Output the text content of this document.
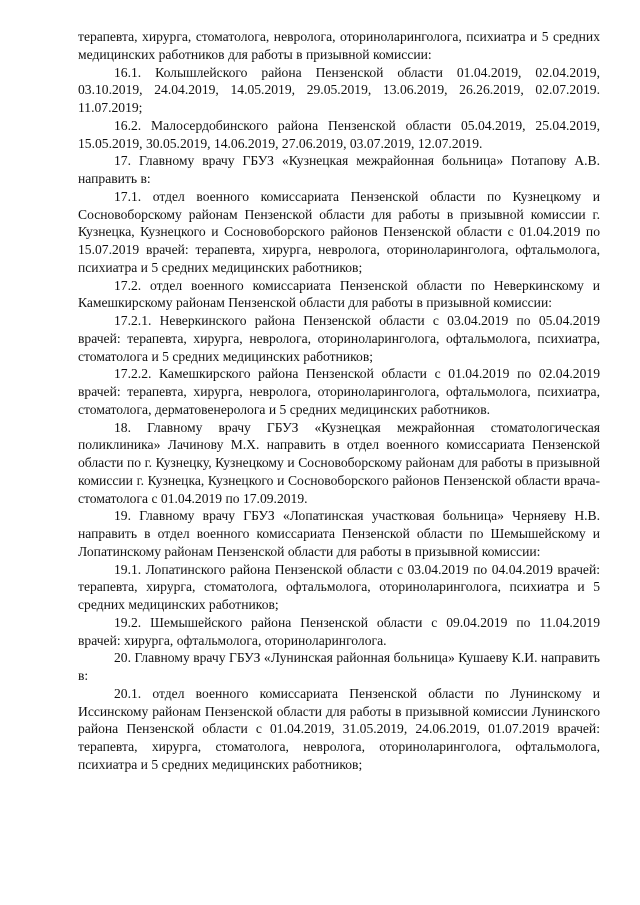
терапевта, хирурга, стоматолога, невролога, оториноларинголога, психиатра и 5 средних медицинских работников для работы в призывной комиссии:

16.1. Колышлейского района Пензенской области 01.04.2019, 02.04.2019, 03.10.2019, 24.04.2019, 14.05.2019, 29.05.2019, 13.06.2019, 26.26.2019, 02.07.2019. 11.07.2019;

16.2. Малосердобинского района Пензенской области 05.04.2019, 25.04.2019, 15.05.2019, 30.05.2019, 14.06.2019, 27.06.2019, 03.07.2019, 12.07.2019.

17. Главному врачу ГБУЗ «Кузнецкая межрайонная больница» Потапову А.В. направить в:

17.1. отдел военного комиссариата Пензенской области по Кузнецкому и Сосновоборскому районам Пензенской области для работы в призывной комиссии г. Кузнецка, Кузнецкого и Сосновоборского районов Пензенской области с 01.04.2019 по 15.07.2019 врачей: терапевта, хирурга, невролога, оториноларинголога, офтальмолога, психиатра и 5 средних медицинских работников;

17.2. отдел военного комиссариата Пензенской области по Неверкинскому и Камешкирскому районам Пензенской области для работы в призывной комиссии:

17.2.1. Неверкинского района Пензенской области с 03.04.2019 по 05.04.2019 врачей: терапевта, хирурга, невролога, оториноларинголога, офтальмолога, психиатра, стоматолога и 5 средних медицинских работников;

17.2.2. Камешкирского района Пензенской области с 01.04.2019 по 02.04.2019 врачей: терапевта, хирурга, невролога, оториноларинголога, офтальмолога, психиатра, стоматолога, дерматовенеролога и 5 средних медицинских работников.

18. Главному врачу ГБУЗ «Кузнецкая межрайонная стоматологическая поликлиника» Лачинову М.Х. направить в отдел военного комиссариата Пензенской области по г. Кузнецку, Кузнецкому и Сосновоборскому районам для работы в призывной комиссии г. Кузнецка, Кузнецкого и Сосновоборского районов Пензенской области врача-стоматолога с 01.04.2019 по 17.09.2019.

19. Главному врачу ГБУЗ «Лопатинская участковая больница» Черняеву Н.В. направить в отдел военного комиссариата Пензенской области по Шемышейскому и Лопатинскому районам Пензенской области для работы в призывной комиссии:

19.1. Лопатинского района Пензенской области с 03.04.2019 по 04.04.2019 врачей: терапевта, хирурга, стоматолога, офтальмолога, оториноларинголога, психиатра и 5 средних медицинских работников;

19.2. Шемышейского района Пензенской области с 09.04.2019 по 11.04.2019 врачей: хирурга, офтальмолога, оториноларинголога.

20. Главному врачу ГБУЗ «Лунинская районная больница» Кушаеву К.И. направить в:

20.1. отдел военного комиссариата Пензенской области по Лунинскому и Иссинскому районам Пензенской области для работы в призывной комиссии Лунинского района Пензенской области с 01.04.2019, 31.05.2019, 24.06.2019, 01.07.2019 врачей: терапевта, хирурга, стоматолога, невролога, оториноларинголога, офтальмолога, психиатра и 5 средних медицинских работников;
